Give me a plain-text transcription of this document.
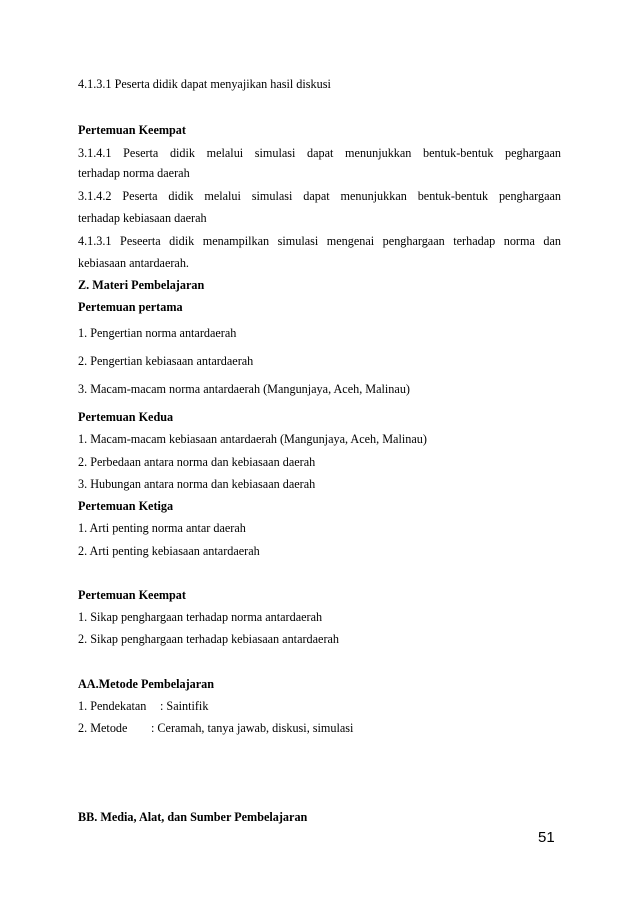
4.1.3.1 Peserta didik dapat menyajikan hasil diskusi
Pertemuan Keempat
3.1.4.1 Peserta didik melalui simulasi dapat menunjukkan bentuk-bentuk peghargaan
terhadap norma daerah
3.1.4.2 Peserta didik melalui simulasi dapat menunjukkan bentuk-bentuk penghargaan
terhadap kebiasaan daerah
4.1.3.1 Peseerta didik menampilkan simulasi mengenai penghargaan terhadap norma dan
kebiasaan antardaerah.
Z. Materi Pembelajaran
Pertemuan pertama
1. Pengertian norma antardaerah
2. Pengertian kebiasaan antardaerah
3. Macam-macam norma antardaerah (Mangunjaya, Aceh, Malinau)
Pertemuan Kedua
1. Macam-macam kebiasaan antardaerah (Mangunjaya, Aceh, Malinau)
2. Perbedaan antara norma dan kebiasaan daerah
3. Hubungan antara norma dan kebiasaan daerah
Pertemuan Ketiga
1. Arti penting norma antar daerah
2. Arti penting kebiasaan antardaerah
Pertemuan Keempat
1. Sikap penghargaan terhadap norma antardaerah
2. Sikap penghargaan terhadap kebiasaan antardaerah
AA.Metode Pembelajaran
1. Pendekatan : Saintifik
2. Metode : Ceramah, tanya jawab, diskusi, simulasi
BB. Media, Alat, dan Sumber Pembelajaran
51
